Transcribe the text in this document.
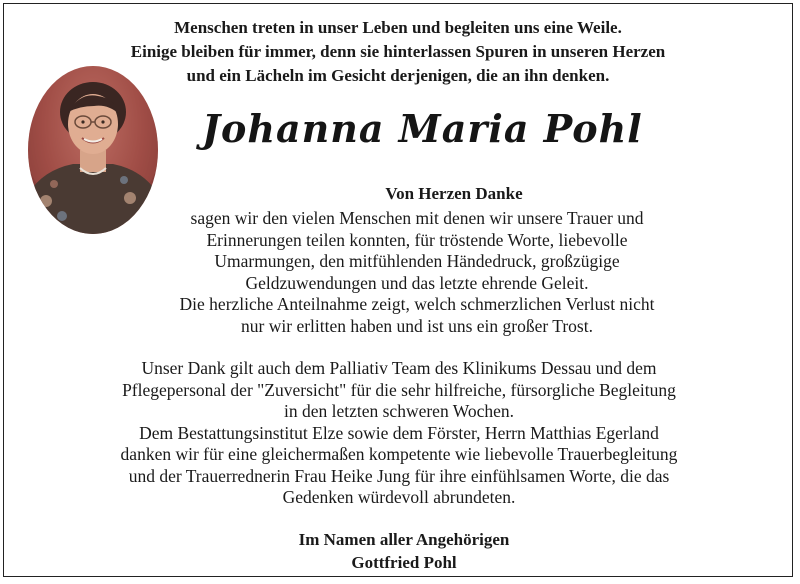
Menschen treten in unser Leben und begleiten uns eine Weile.
Einige bleiben für immer, denn sie hinterlassen Spuren in unseren Herzen
und ein Lächeln im Gesicht derjenigen, die an ihn denken.
Johanna Maria Pohl
Von Herzen Danke
sagen wir den vielen Menschen mit denen wir unsere Trauer und
Erinnerungen teilen konnten, für tröstende Worte, liebevolle
Umarmungen, den mitfühlenden Händedruck, großzügige
Geldzuwendungen und das letzte ehrende Geleit.
Die herzliche Anteilnahme zeigt, welch schmerzlichen Verlust nicht
nur wir erlitten haben und ist uns ein großer Trost.
Unser Dank gilt auch dem Palliativ Team des Klinikums Dessau und dem
Pflegepersonal der "Zuversicht" für die sehr hilfreiche, fürsorgliche Begleitung
in den letzten schweren Wochen.
Dem Bestattungsinstitut Elze sowie dem Förster, Herrn Matthias Egerland
danken wir für eine gleichermaßen kompetente wie liebevolle Trauerbegleitung
und der Trauerrednerin Frau Heike Jung für ihre einfühlsamen Worte, die das
Gedenken würdevoll abrundeten.
Im Namen aller Angehörigen
Gottfried Pohl
